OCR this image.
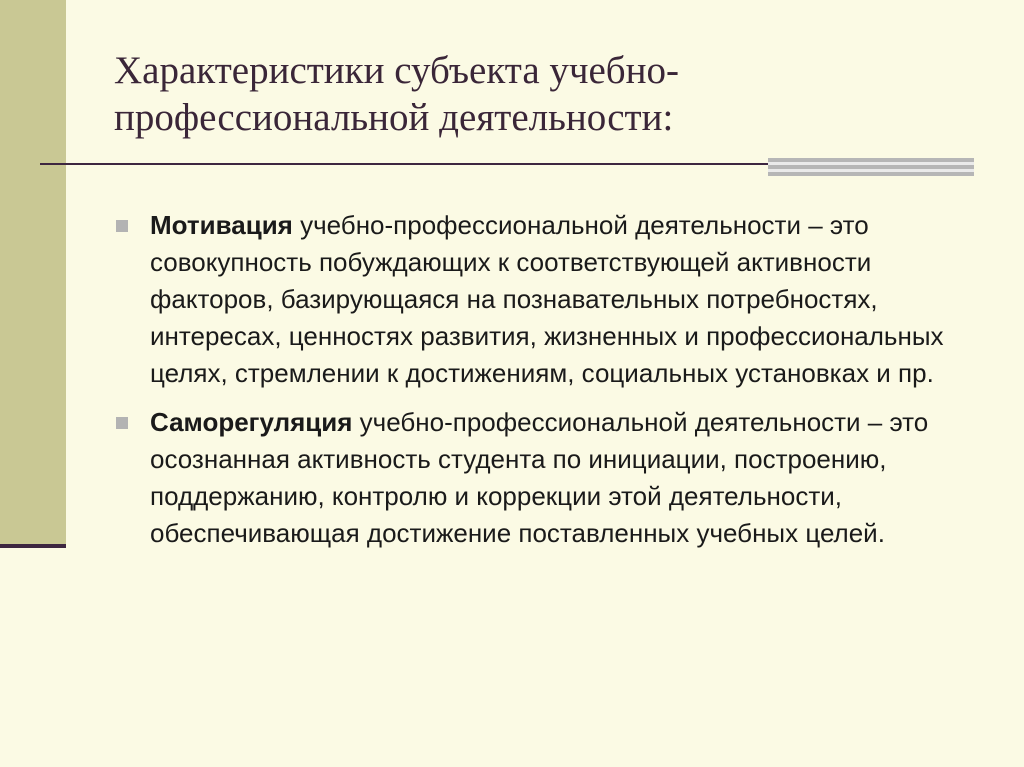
Характеристики субъекта учебно-профессиональной деятельности:
Мотивация учебно-профессиональной деятельности – это совокупность побуждающих к соответствующей активности факторов, базирующаяся на познавательных потребностях, интересах, ценностях развития, жизненных и профессиональных целях, стремлении к достижениям, социальных установках и пр.
Саморегуляция учебно-профессиональной деятельности – это осознанная активность студента по инициации, построению, поддержанию, контролю и коррекции этой деятельности, обеспечивающая достижение поставленных учебных целей.
